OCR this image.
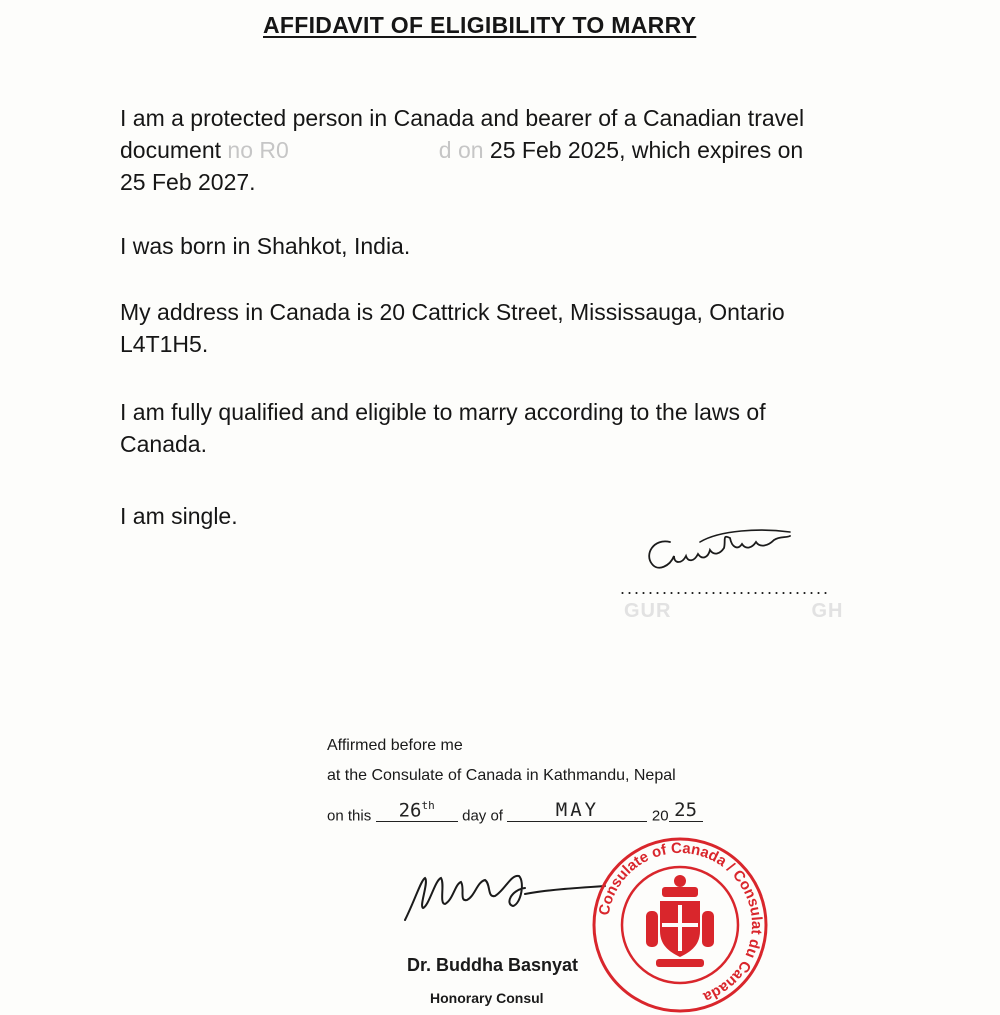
AFFIDAVIT OF ELIGIBILITY TO MARRY

I am a protected person in Canada and bearer of a Canadian travel
document no R0	d on 25 Feb 2025, which expires on
25 Feb 2027.

I was born in Shahkot, India.

My address in Canada is 20 Cattrick Street, Mississauga, Ontario
L4T1H5.

I am fully qualified and eligible to marry according to the laws of
Canada.

I am single.

..............................
GUR	GH

Affirmed before me

at the Consulate of Canada in Kathmandu, Nepal

on this 26th day of	MAY	20 25

Dr. Buddha Basnyat
Honorary Consul
Consulate of Canada / Consulat du Canada
